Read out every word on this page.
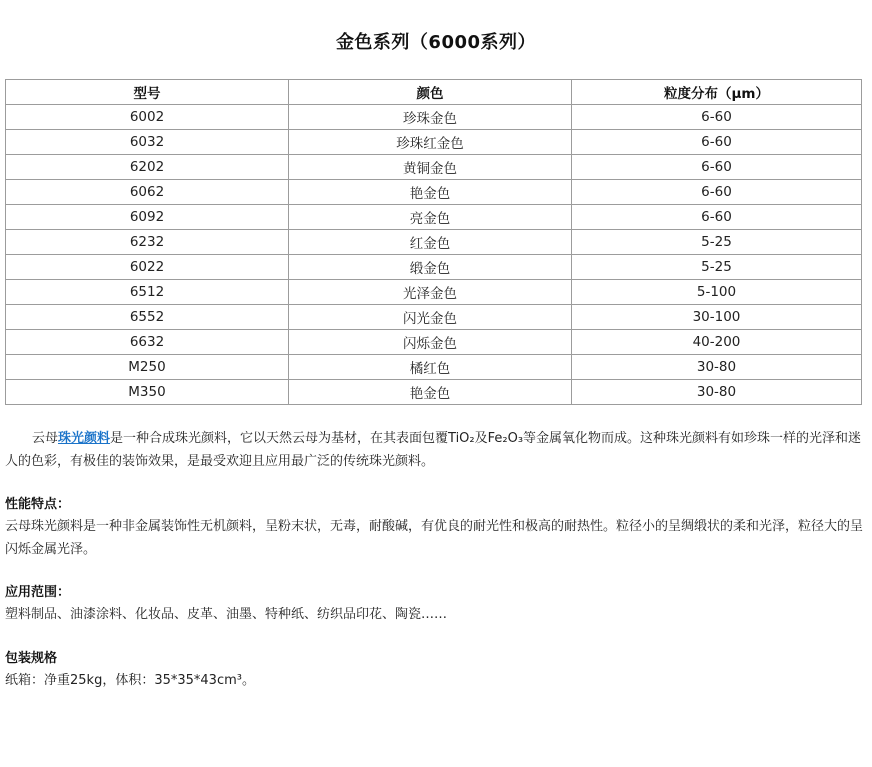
金色系列（6000系列）
型号	颜色	粒度分布（μm）
6002	珍珠金色	6-60
6032	珍珠红金色	6-60
6202	黄铜金色	6-60
6062	艳金色	6-60
6092	亮金色	6-60
6232	红金色	5-25
6022	缎金色	5-25
6512	光泽金色	5-100
6552	闪光金色	30-100
6632	闪烁金色	40-200
M250	橘红色	30-80
M350	艳金色	30-80
云母珠光颜料是一种合成珠光颜料，它以天然云母为基材，在其表面包覆TiO₂及Fe₂O₃等金属氧化物而成。这种珠光颜料有如珍珠一样的光泽和迷人的色彩，有极佳的装饰效果，是最受欢迎且应用最广泛的传统珠光颜料。
性能特点：
云母珠光颜料是一种非金属装饰性无机颜料，呈粉末状，无毒，耐酸碱，有优良的耐光性和极高的耐热性。粒径小的呈绸缎状的柔和光泽，粒径大的呈闪烁金属光泽。
应用范围：
塑料制品、油漆涂料、化妆品、皮革、油墨、特种纸、纺织品印花、陶瓷……
包装规格
纸箱：净重25kg，体积：35*35*43cm³。
